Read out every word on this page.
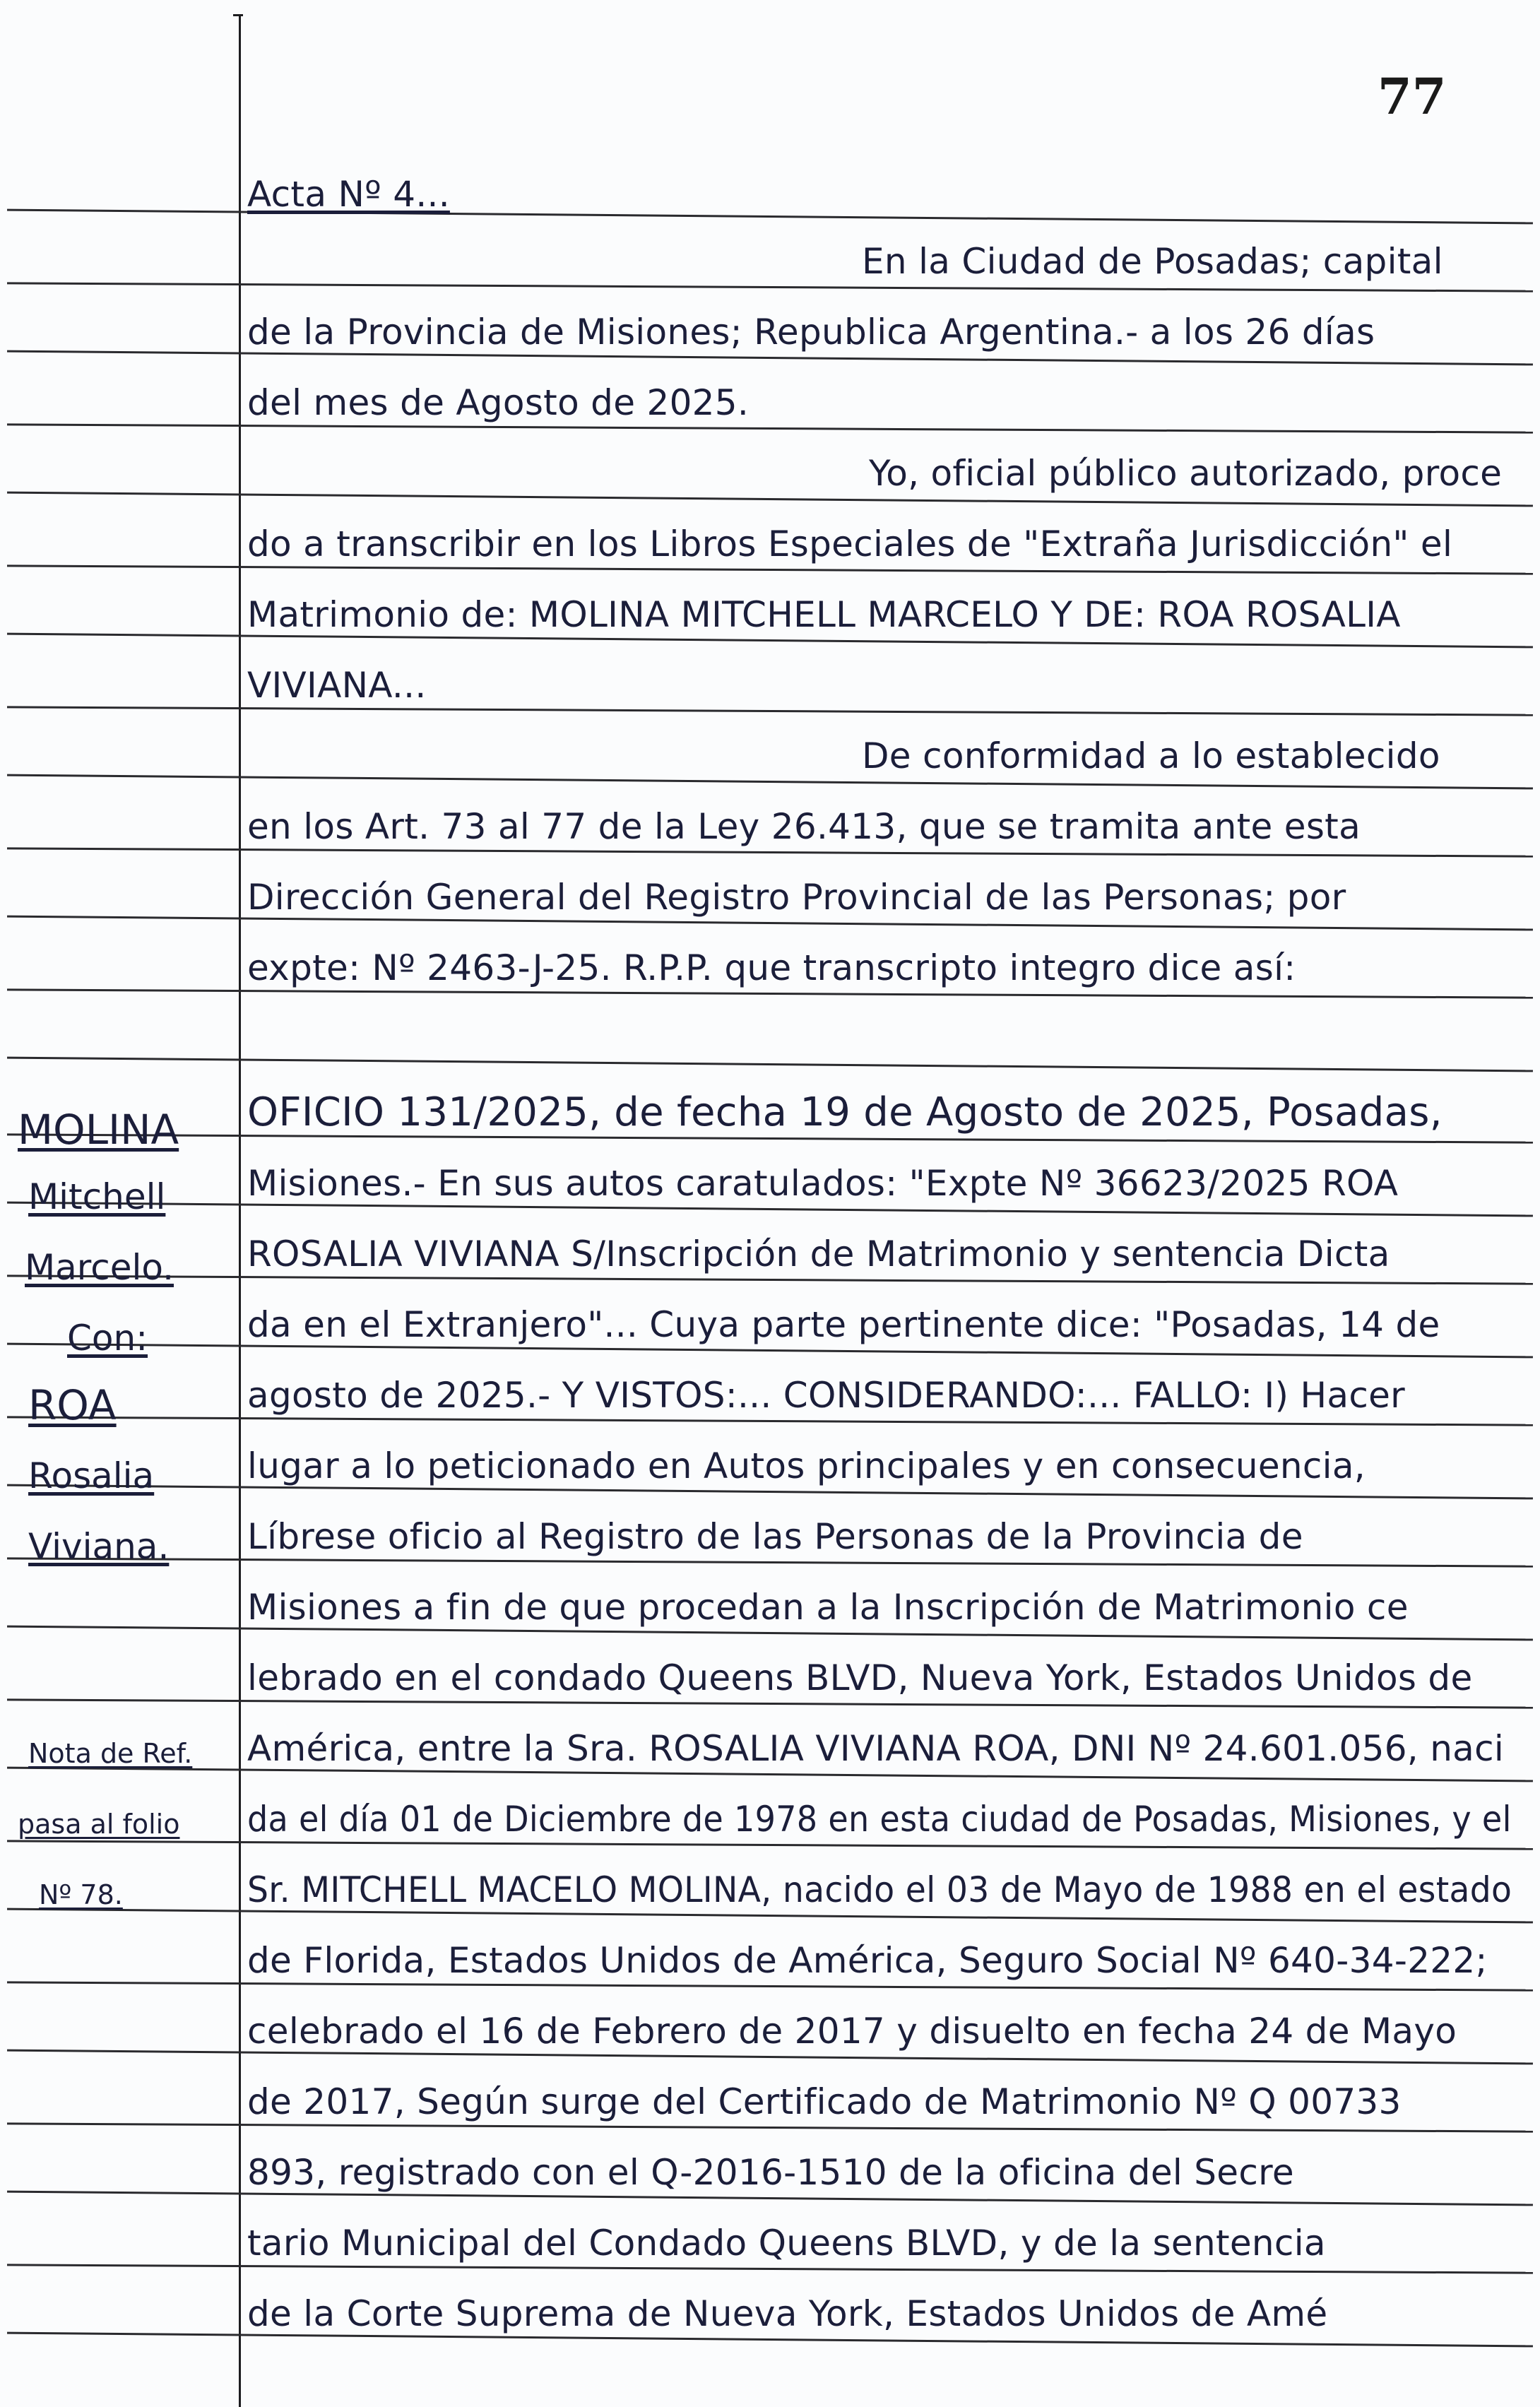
77
Acta Nº 4...
En la Ciudad de Posadas; capital
de la Provincia de Misiones; Republica Argentina.- a los 26 días
del mes de Agosto de 2025.
Yo, oficial público autorizado, proce
do a transcribir en los Libros Especiales de "Extraña Jurisdicción" el
Matrimonio de: MOLINA MITCHELL MARCELO Y DE: ROA ROSALIA
VIVIANA...
De conformidad a lo establecido
en los Art. 73 al 77 de la Ley 26.413, que se tramita ante esta
Dirección General del Registro Provincial de las Personas; por
expte: Nº 2463-J-25. R.P.P. que transcripto integro dice así:
OFICIO 131/2025, de fecha 19 de Agosto de 2025, Posadas,
Misiones.- En sus autos caratulados: "Expte Nº 36623/2025 ROA
ROSALIA VIVIANA S/Inscripción de Matrimonio y sentencia Dicta
da en el Extranjero"... Cuya parte pertinente dice: "Posadas, 14 de
agosto de 2025.- Y VISTOS:... CONSIDERANDO:... FALLO: I) Hacer
lugar a lo peticionado en Autos principales y en consecuencia,
Líbrese oficio al Registro de las Personas de la Provincia de
Misiones a fin de que procedan a la Inscripción de Matrimonio ce
lebrado en el condado Queens BLVD, Nueva York, Estados Unidos de
América, entre la Sra. ROSALIA VIVIANA ROA, DNI Nº 24.601.056, naci
da el día 01 de Diciembre de 1978 en esta ciudad de Posadas, Misiones, y el
Sr. MITCHELL MACELO MOLINA, nacido el 03 de Mayo de 1988 en el estado
de Florida, Estados Unidos de América, Seguro Social Nº 640-34-222;
celebrado el 16 de Febrero de 2017 y disuelto en fecha 24 de Mayo
de 2017, Según surge del Certificado de Matrimonio Nº Q 00733
893, registrado con el Q-2016-1510 de la oficina del Secre
tario Municipal del Condado Queens BLVD, y de la sentencia
de la Corte Suprema de Nueva York, Estados Unidos de Amé
MOLINA
Mitchell
Marcelo.
Con:
ROA
Rosalia
Viviana.
Nota de Ref.
pasa al folio
Nº 78.
